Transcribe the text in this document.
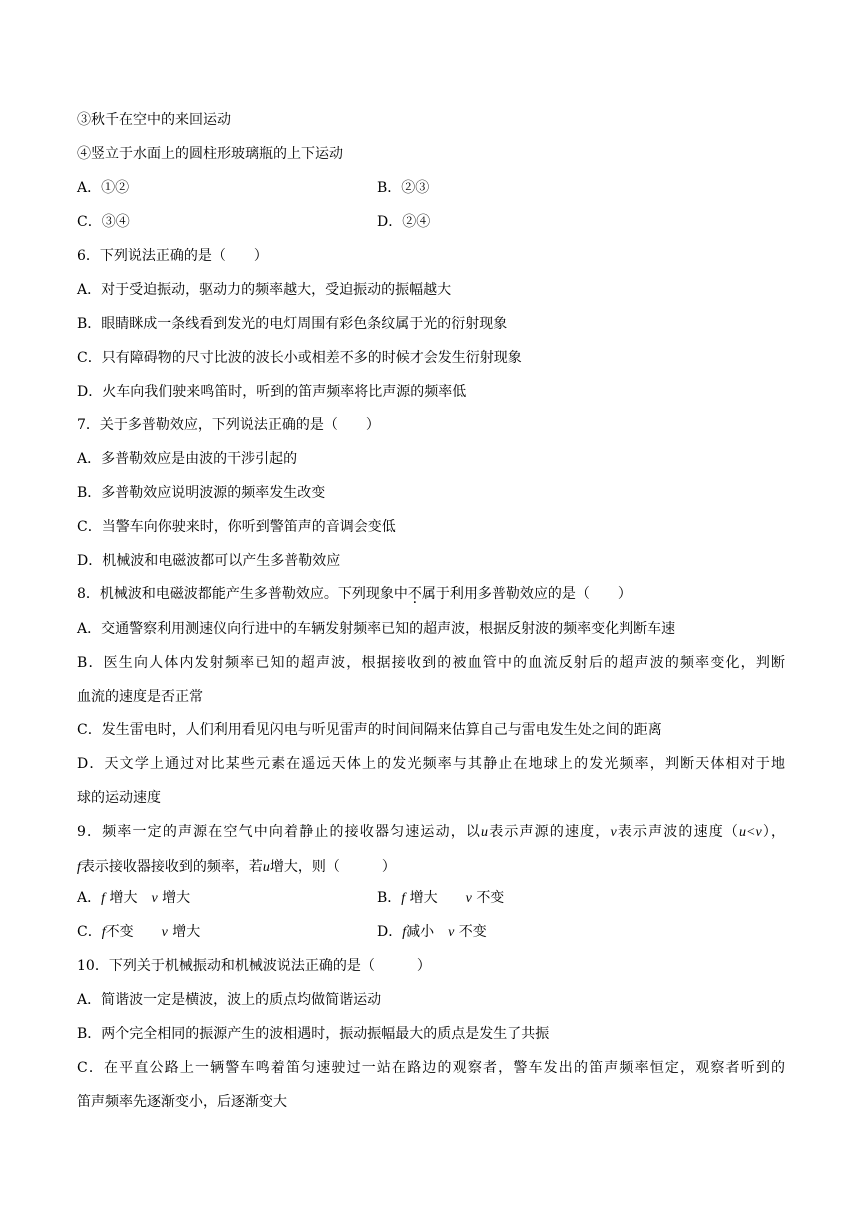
③秋千在空中的来回运动
④竖立于水面上的圆柱形玻璃瓶的上下运动
A．①②	B．②③
C．③④	D．②④
6．下列说法正确的是（　　）
A．对于受迫振动，驱动力的频率越大，受迫振动的振幅越大
B．眼睛眯成一条线看到发光的电灯周围有彩色条纹属于光的衍射现象
C．只有障碍物的尺寸比波的波长小或相差不多的时候才会发生衍射现象
D．火车向我们驶来鸣笛时，听到的笛声频率将比声源的频率低
7．关于多普勒效应，下列说法正确的是（　　）
A．多普勒效应是由波的干涉引起的
B．多普勒效应说明波源的频率发生改变
C．当警车向你驶来时，你听到警笛声的音调会变低
D．机械波和电磁波都可以产生多普勒效应
8．机械波和电磁波都能产生多普勒效应。下列现象中不属于利用多普勒效应的是（　　）
A．交通警察利用测速仪向行进中的车辆发射频率已知的超声波，根据反射波的频率变化判断车速
B．医生向人体内发射频率已知的超声波，根据接收到的被血管中的血流反射后的超声波的频率变化，判断
血流的速度是否正常
C．发生雷电时，人们利用看见闪电与听见雷声的时间间隔来估算自己与雷电发生处之间的距离
D．天文学上通过对比某些元素在遥远天体上的发光频率与其静止在地球上的发光频率，判断天体相对于地
球的运动速度
9．频率一定的声源在空气中向着静止的接收器匀速运动，以u表示声源的速度，v表示声波的速度（u<v），
f表示接收器接收到的频率，若u增大，则（　　　）
A．f 增大　v 增大	B．f 增大　　v 不变
C．f不变　　v 增大	D．f减小　v 不变
10．下列关于机械振动和机械波说法正确的是（　　　）
A．简谐波一定是横波，波上的质点均做简谐运动
B．两个完全相同的振源产生的波相遇时，振动振幅最大的质点是发生了共振
C．在平直公路上一辆警车鸣着 ·笛匀速驶过一站在路边的观察者，警车发出的笛声频率恒定，观察者听到的
笛声频率先逐渐变小，后逐渐变大
